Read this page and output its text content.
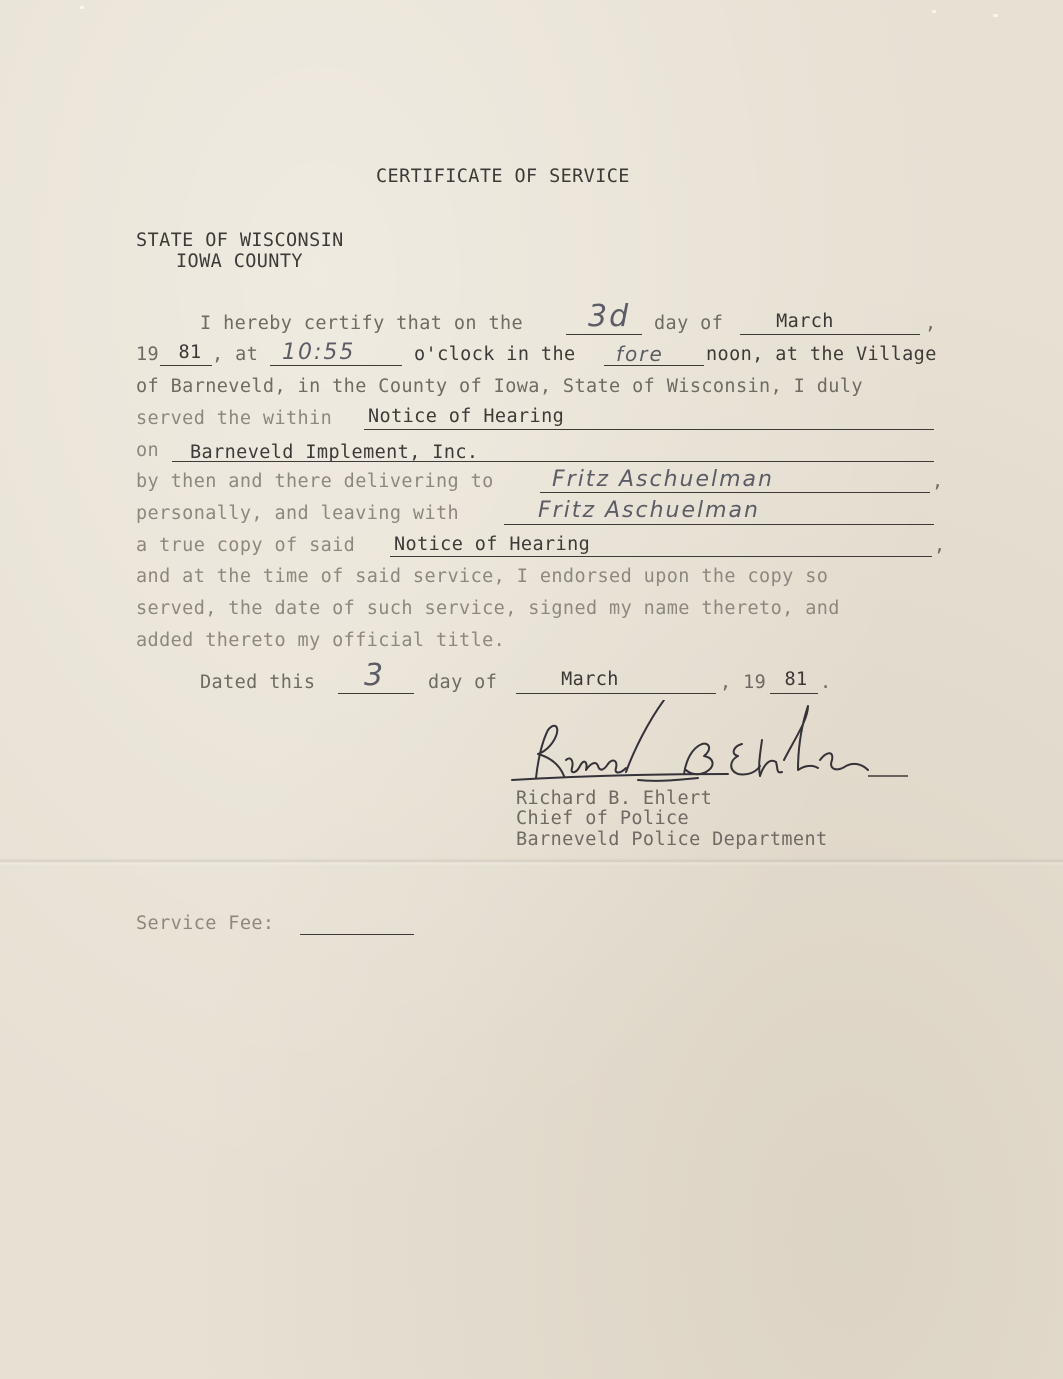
CERTIFICATE OF SERVICE
STATE OF WISCONSIN
IOWA COUNTY
I hereby certify that on the 3d day of	March	,
19	81 , at 10:55	o'clock in the fore noon, at the Village
of Barneveld, in the County of Iowa, State of Wisconsin, I duly
served the within Notice of Hearing
on Barneveld Implement, Inc.
by then and there delivering to	Fritz Aschuelman	,
personally, and leaving with	Fritz Aschuelman
a true copy of said Notice of Hearing	,
and at the time of said service, I endorsed upon the copy so
served, the date of such service, signed my name thereto, and
added thereto my official title.
Dated this 3 day of	March	, 19 81 .
Richard B. Ehlert
Chief of Police
Barneveld Police Department
Service Fee:
